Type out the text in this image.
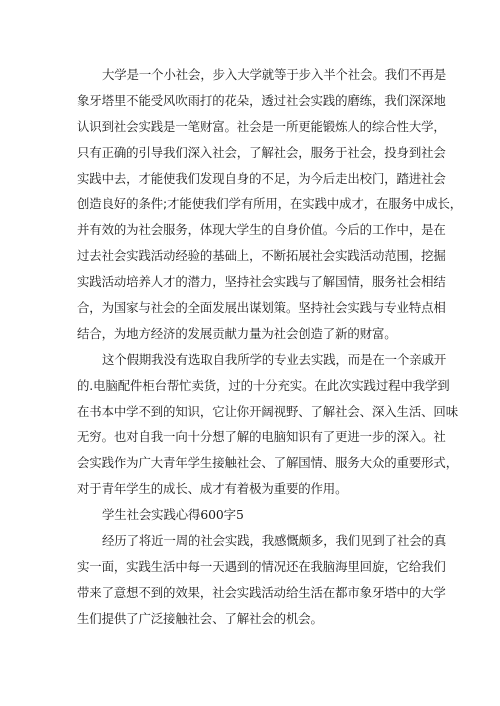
大学是一个小社会，步入大学就等于步入半个社会。我们不再是
象牙塔里不能受风吹雨打的花朵，透过社会实践的磨练，我们深深地
认识到社会实践是一笔财富。社会是一所更能锻炼人的综合性大学，
只有正确的引导我们深入社会，了解社会，服务于社会，投身到社会
实践中去，才能使我们发现自身的不足，为今后走出校门，踏进社会
创造良好的条件;才能使我们学有所用，在实践中成才，在服务中成长，
并有效的为社会服务，体现大学生的自身价值。今后的工作中，是在
过去社会实践活动经验的基础上，不断拓展社会实践活动范围，挖掘
实践活动培养人才的潜力，坚持社会实践与了解国情，服务社会相结
合，为国家与社会的全面发展出谋划策。坚持社会实践与专业特点相
结合，为地方经济的发展贡献力量为社会创造了新的财富。
这个假期我没有选取自我所学的专业去实践，而是在一个亲戚开
的.电脑配件柜台帮忙卖货，过的十分充实。在此次实践过程中我学到
在书本中学不到的知识，它让你开阔视野、了解社会、深入生活、回味
无穷。也对自我一向十分想了解的电脑知识有了更进一步的深入。社
会实践作为广大青年学生接触社会、了解国情、服务大众的重要形式，
对于青年学生的成长、成才有着极为重要的作用。
学生社会实践心得600字5
经历了将近一周的社会实践，我感慨颇多，我们见到了社会的真
实一面，实践生活中每一天遇到的情况还在我脑海里回旋，它给我们
带来了意想不到的效果，社会实践活动给生活在都市象牙塔中的大学
生们提供了广泛接触社会、了解社会的机会。
